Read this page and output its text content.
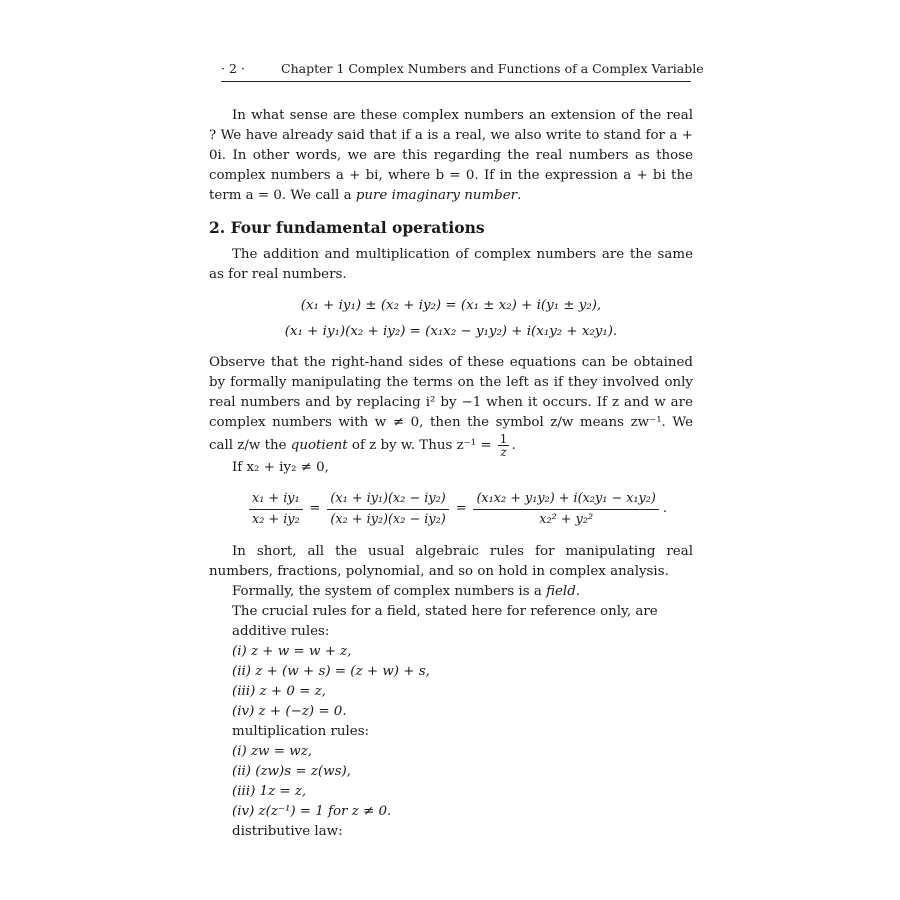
· 2 ·	Chapter 1 Complex Numbers and Functions of a Complex Variable

In what sense are these complex numbers an extension of the real ? We have already said that if a is a real, we also write to stand for a + 0i. In other words, we are this regarding the real numbers as those complex numbers a + bi, where b = 0. If in the expression a + bi the term a = 0. We call a pure imaginary number.

2. Four fundamental operations

The addition and multiplication of complex numbers are the same as for real numbers.

(x₁ + iy₁) ± (x₂ + iy₂) = (x₁ ± x₂) + i(y₁ ± y₂),
(x₁ + iy₁)(x₂ + iy₂) = (x₁x₂ − y₁y₂) + i(x₁y₂ + x₂y₁).

Observe that the right-hand sides of these equations can be obtained by formally manipulating the terms on the left as if they involved only real numbers and by replacing i² by −1 when it occurs. If z and w are complex numbers with w ≠ 0, then the symbol z/w means zw⁻¹. We call z/w the quotient of z by w. Thus $z^{-1} = \frac{1}{z}$ .

If x₂ + iy₂ ≠ 0,

$\frac{\text{x₁ + iy₁}}{\text{x₂ + iy₂}} = \frac{\text{(x₁ + iy₁)(x₂ − iy₂)}}{\text{(x₂ + iy₂)(x₂ − iy₂)}} = \frac{\text{(x₁x₂ + y₁y₂) + i(x₂y₁ − x₁y₂)}}{\text{x₂² + y₂²}}$ .

In short, all the usual algebraic rules for manipulating real numbers, fractions, polynomial, and so on hold in complex analysis.

Formally, the system of complex numbers is a field.

The crucial rules for a field, stated here for reference only, are

additive rules:

(i) z + w = w + z,

(ii) z + (w + s) = (z + w) + s,

(iii) z + 0 = z,

(iv) z + (−z) = 0.

multiplication rules:

(i) zw = wz,

(ii) (zw)s = z(ws),

(iii) 1z = z,

(iv) z(z⁻¹) = 1 for z ≠ 0.

distributive law:
